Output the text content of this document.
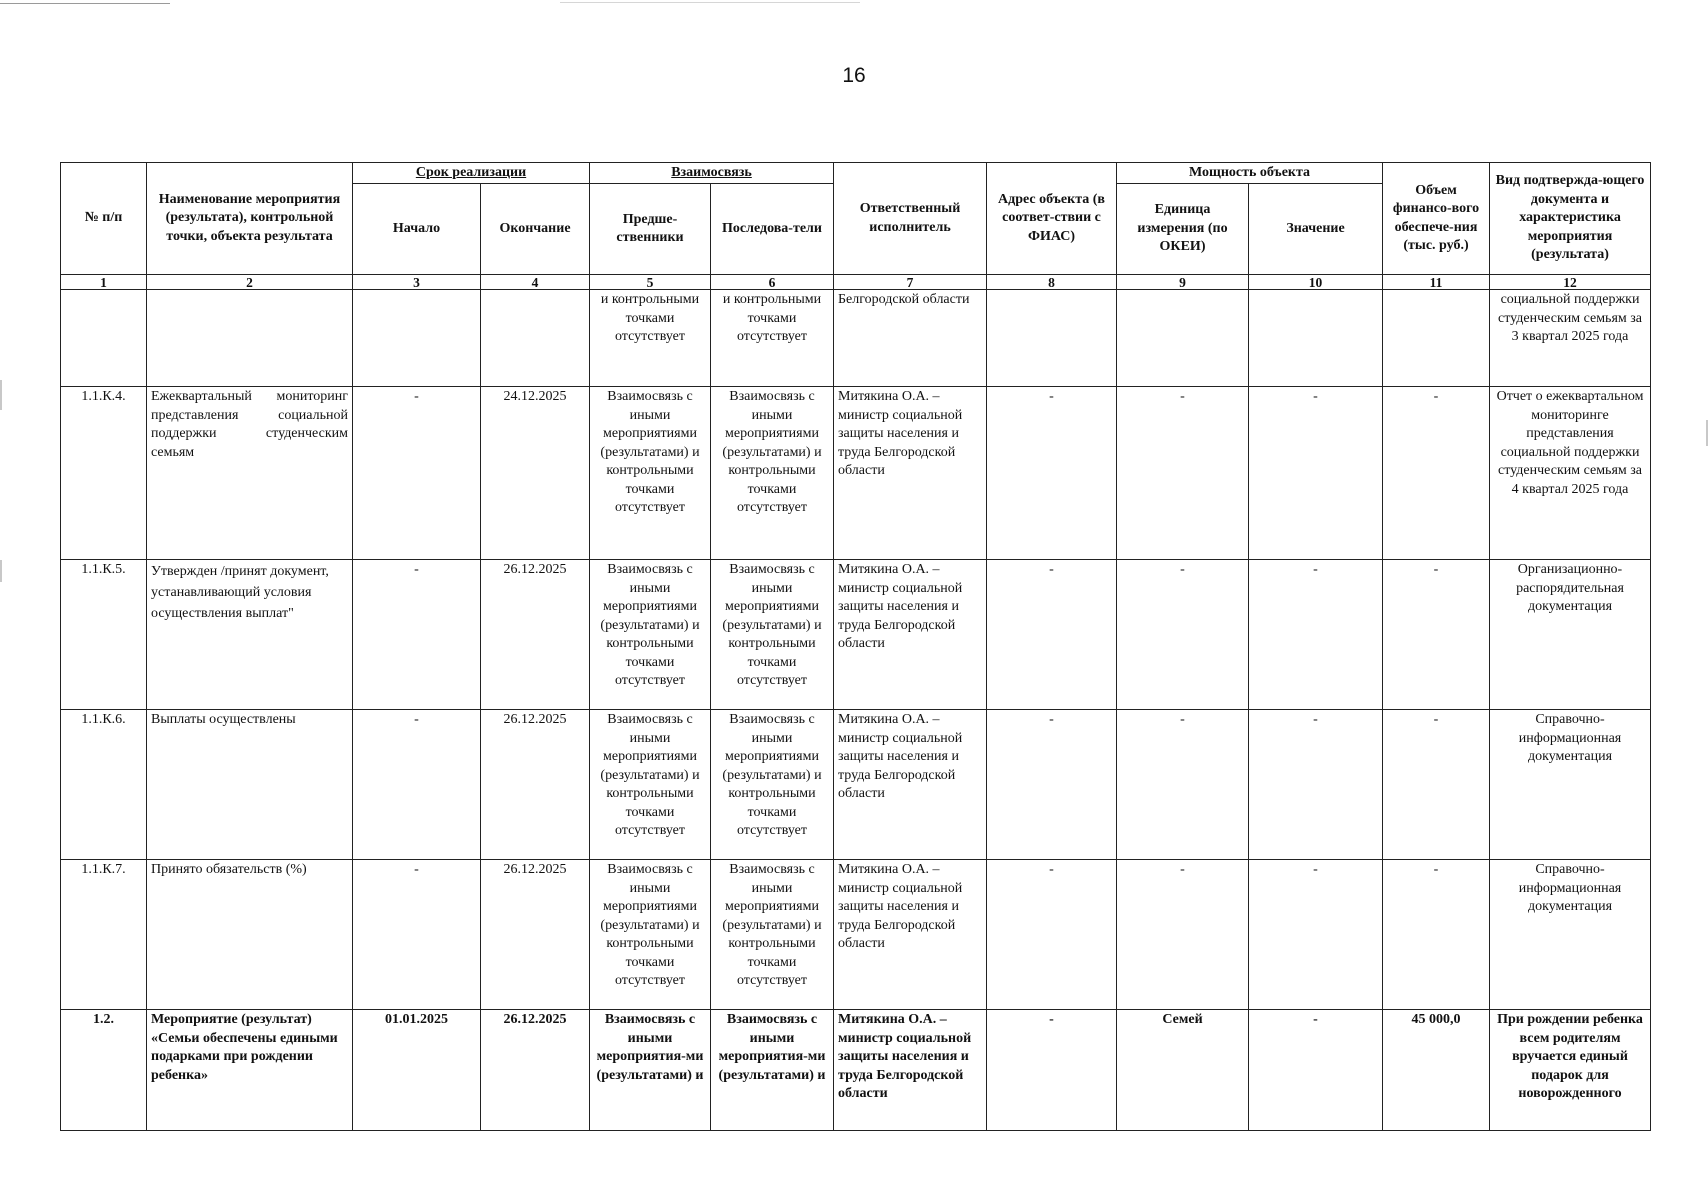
16
№ п/п	Наименование мероприятия (результата), контрольной точки, объекта результата	Срок реализации		Взаимосвязь		Ответственный исполнитель	Адрес объекта (в соответ-ствии с ФИАС)	Мощность объекта		Объем финансо-вого обеспече-ния (тыс. руб.)	Вид подтвержда-ющего документа и характеристика мероприятия (результата)
		Начало	Окончание	Предше-ственники	Последова-тели			Единица измерения (по ОКЕИ)	Значение		
1	2	3	4	5	6	7	8	9	10	11	12
				и контрольными точками отсутствует	и контрольными точками отсутствует	Белгородской области					социальной поддержки студенческим семьям за 3 квартал 2025 года
1.1.К.4.	Ежеквартальный мониторинг представления социальной поддержки студенческим семьям	-	24.12.2025	Взаимосвязь с иными мероприятиями (результатами) и контрольными точками отсутствует	Взаимосвязь с иными мероприятиями (результатами) и контрольными точками отсутствует	Митякина О.А. – министр социальной защиты населения и труда Белгородской области	-	-	-	-	Отчет о ежеквартальном мониторинге представления социальной поддержки студенческим семьям за 4 квартал 2025 года
1.1.К.5.	Утвержден /принят документ, устанавливающий условия осуществления выплат"	-	26.12.2025	Взаимосвязь с иными мероприятиями (результатами) и контрольными точками отсутствует	Взаимосвязь с иными мероприятиями (результатами) и контрольными точками отсутствует	Митякина О.А. – министр социальной защиты населения и труда Белгородской области	-	-	-	-	Организационно-распорядительная документация
1.1.К.6.	Выплаты осуществлены	-	26.12.2025	Взаимосвязь с иными мероприятиями (результатами) и контрольными точками отсутствует	Взаимосвязь с иными мероприятиями (результатами) и контрольными точками отсутствует	Митякина О.А. – министр социальной защиты населения и труда Белгородской области	-	-	-	-	Справочно-информационная документация
1.1.К.7.	Принято обязательств (%)	-	26.12.2025	Взаимосвязь с иными мероприятиями (результатами) и контрольными точками отсутствует	Взаимосвязь с иными мероприятиями (результатами) и контрольными точками отсутствует	Митякина О.А. – министр социальной защиты населения и труда Белгородской области	-	-	-	-	Справочно-информационная документация
1.2.	Мероприятие (результат) «Семьи обеспечены едиными подарками при рождении ребенка»	01.01.2025	26.12.2025	Взаимосвязь с иными мероприятия-ми (результатами) и	Взаимосвязь с иными мероприятия-ми (результатами) и	Митякина О.А. – министр социальной защиты населения и труда Белгородской области	-	Семей	-	45 000,0	При рождении ребенка всем родителям вручается единый подарок для новорожденного
